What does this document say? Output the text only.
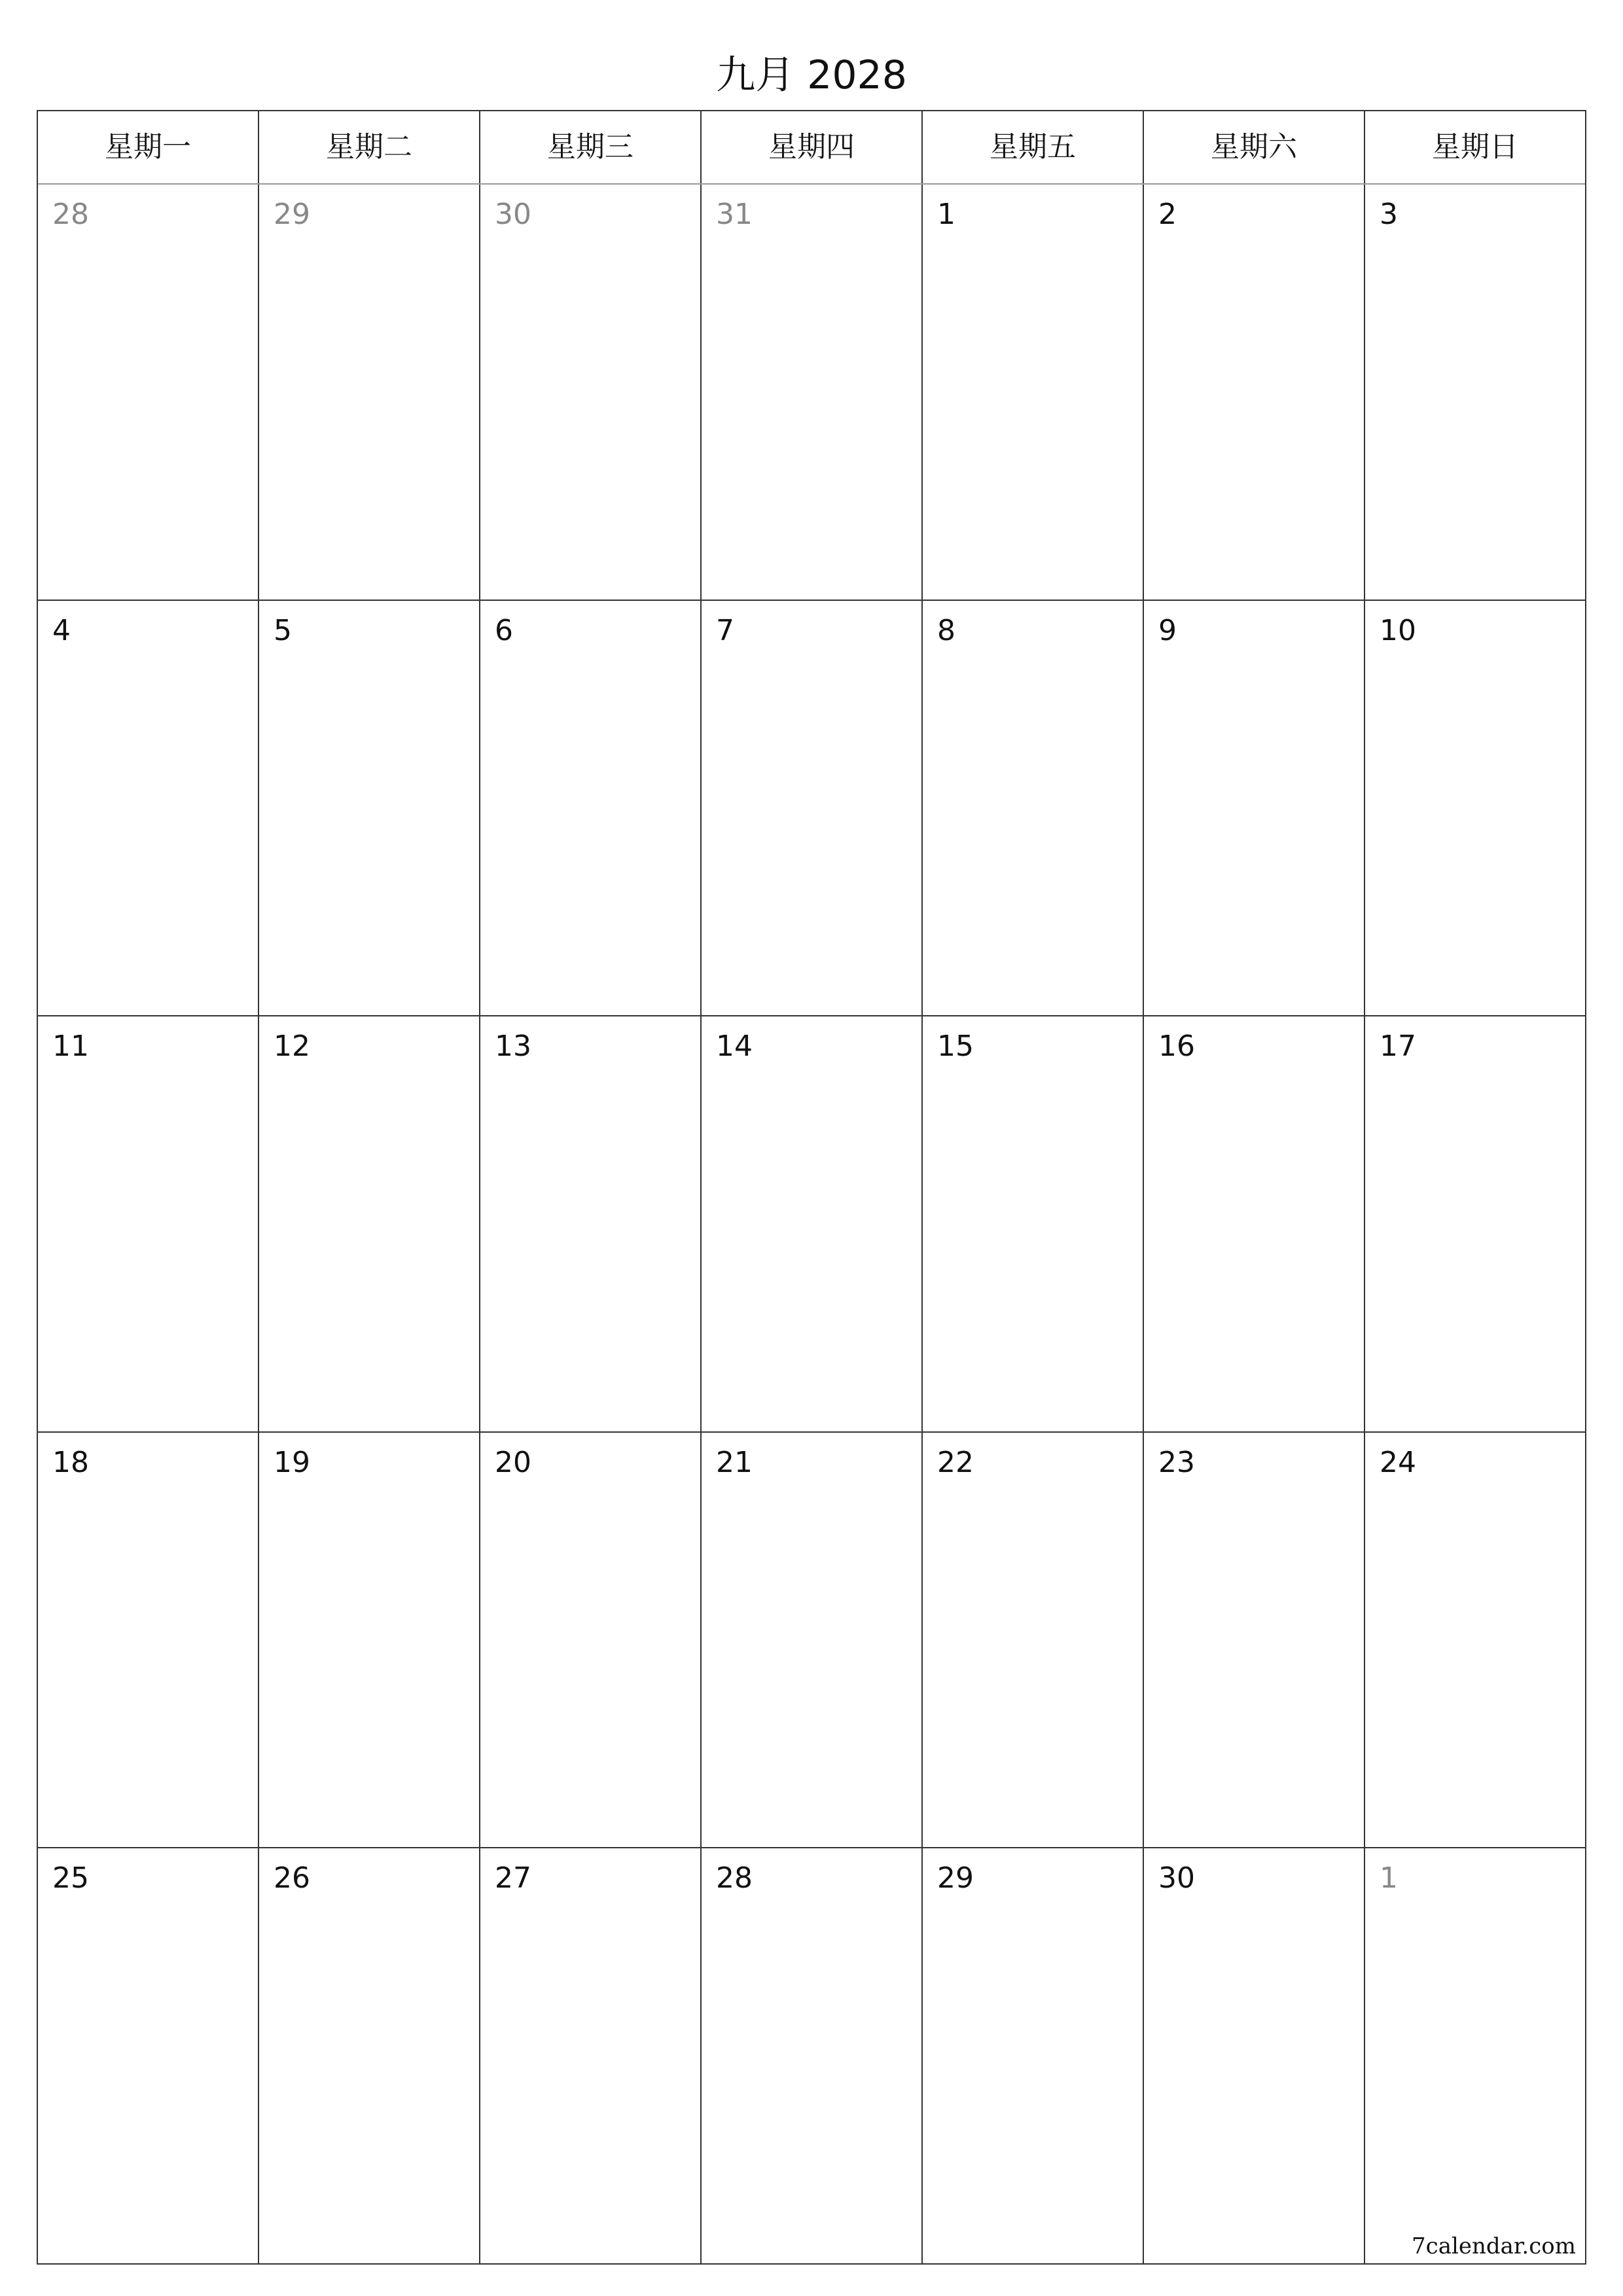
九月 2028
星期一	星期二	星期三	星期四	星期五	星期六	星期日
28	29	30	31	1	2	3
4	5	6	7	8	9	10
11	12	13	14	15	16	17
18	19	20	21	22	23	24
25	26	27	28	29	30	1
7calendar.com
